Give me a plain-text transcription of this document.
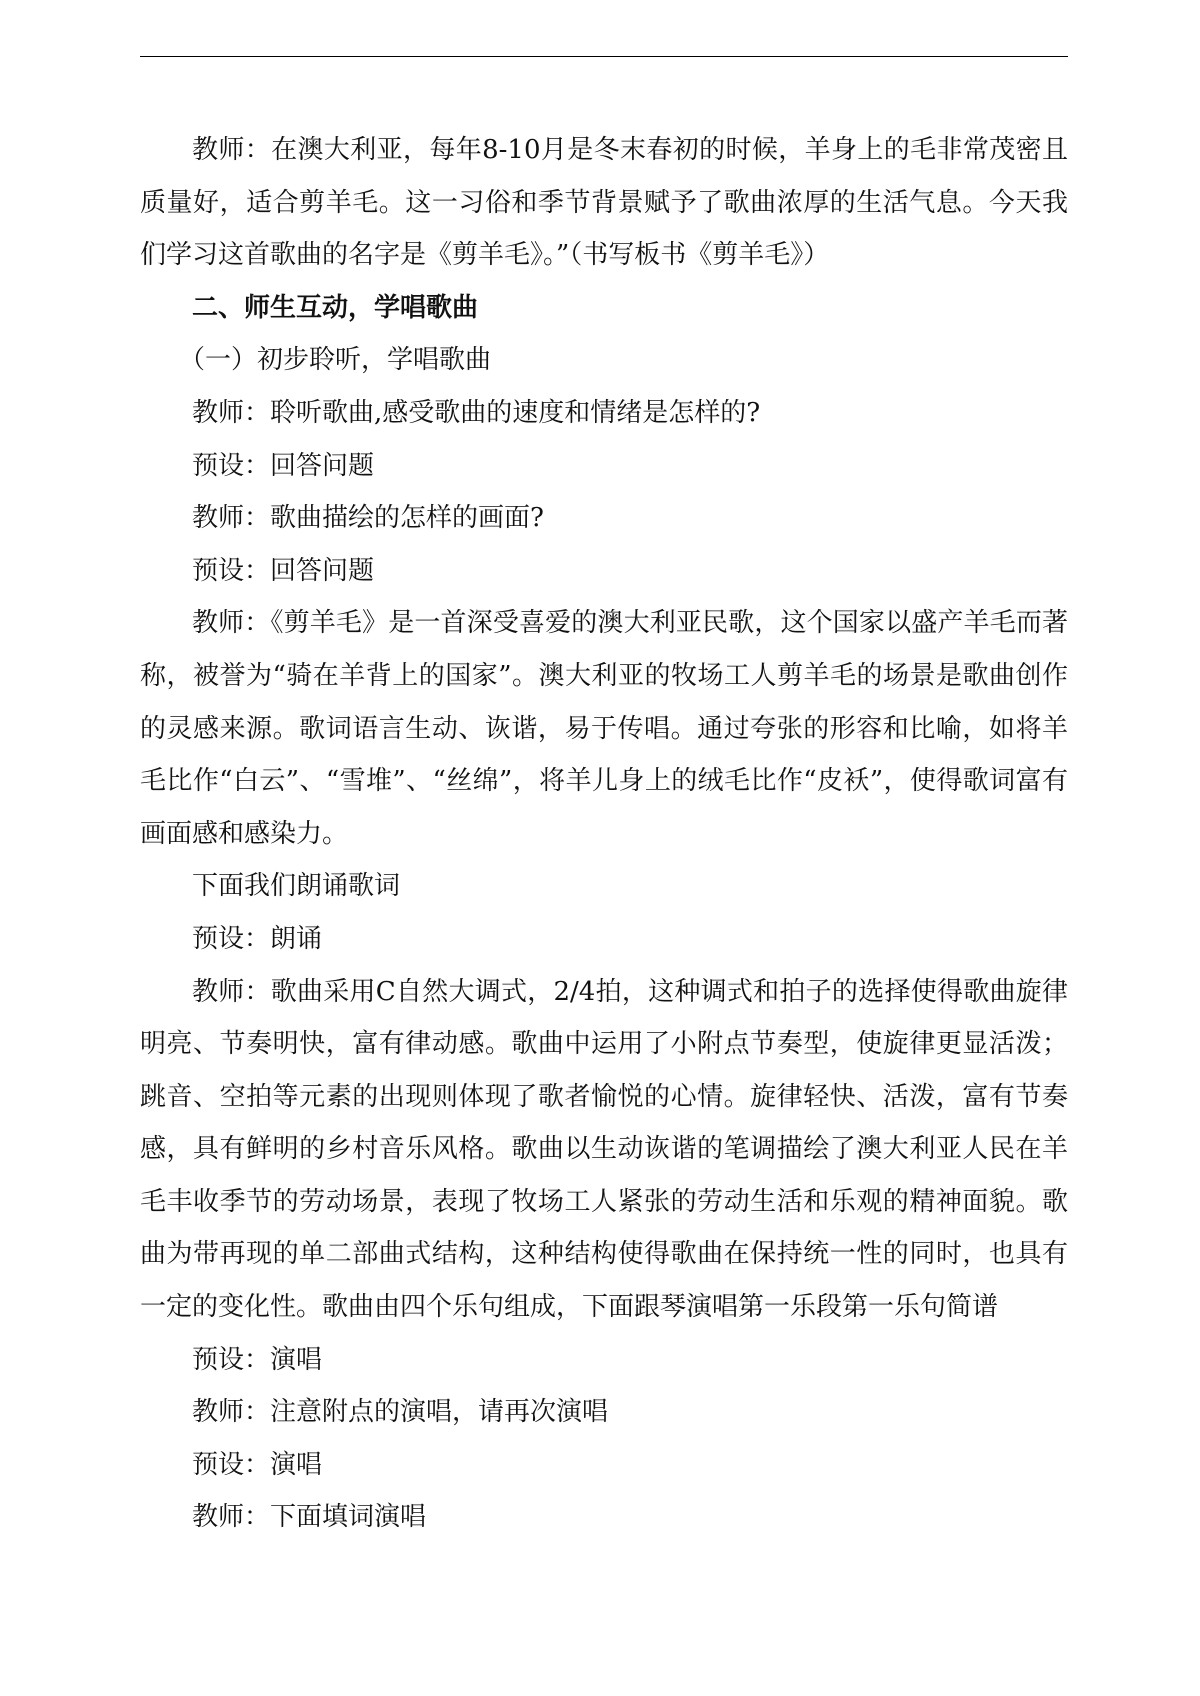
教师：在澳大利亚，每年8-10月是冬末春初的时候，羊身上的毛非常茂密且质量好，适合剪羊毛。这一习俗和季节背景赋予了歌曲浓厚的生活气息。今天我们学习这首歌曲的名字是《剪羊毛》。”（书写板书《剪羊毛》）

二、师生互动，学唱歌曲

（一）初步聆听，学唱歌曲

教师：聆听歌曲,感受歌曲的速度和情绪是怎样的?

预设：回答问题

教师：歌曲描绘的怎样的画面?

预设：回答问题

教师：《剪羊毛》是一首深受喜爱的澳大利亚民歌，这个国家以盛产羊毛而著称，被誉为“骑在羊背上的国家”。澳大利亚的牧场工人剪羊毛的场景是歌曲创作的灵感来源。歌词语言生动、诙谐，易于传唱。通过夸张的形容和比喻，如将羊毛比作“白云”、“雪堆”、“丝绵”，将羊儿身上的绒毛比作“皮袄”，使得歌词富有画面感和感染力。

下面我们朗诵歌词

预设：朗诵

教师：歌曲采用C自然大调式，2/4拍，这种调式和拍子的选择使得歌曲旋律明亮、节奏明快，富有律动感。歌曲中运用了小附点节奏型，使旋律更显活泼；跳音、空拍等元素的出现则体现了歌者愉悦的心情。旋律轻快、活泼，富有节奏感，具有鲜明的乡村音乐风格。歌曲以生动诙谐的笔调描绘了澳大利亚人民在羊毛丰收季节的劳动场景，表现了牧场工人紧张的劳动生活和乐观的精神面貌。歌曲为带再现的单二部曲式结构，这种结构使得歌曲在保持统一性的同时，也具有一定的变化性。歌曲由四个乐句组成，下面跟琴演唱第一乐段第一乐句简谱

预设：演唱

教师：注意附点的演唱，请再次演唱

预设：演唱

教师：下面填词演唱
